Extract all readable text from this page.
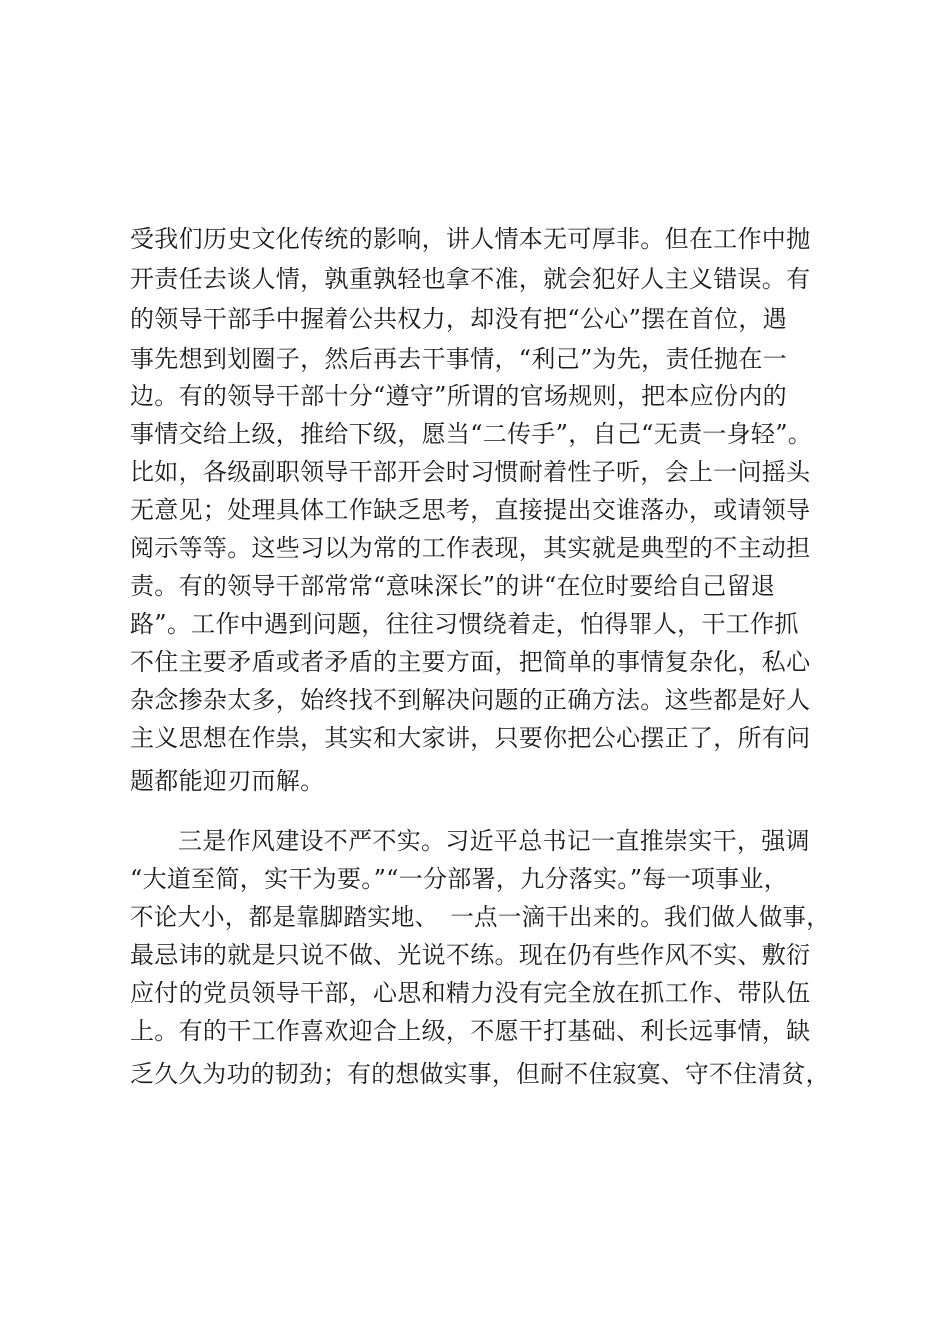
受我们历史文化传统的影响，讲人情本无可厚非。但在工作中抛
开责任去谈人情，孰重孰轻也拿不准，就会犯好人主义错误。有
的领导干部手中握着公共权力，却没有把“公心”摆在首位，遇
事先想到划圈子，然后再去干事情，“利己”为先，责任抛在一
边。有的领导干部十分“遵守”所谓的官场规则，把本应份内的
事情交给上级，推给下级，愿当“二传手”，自己“无责一身轻”。
比如，各级副职领导干部开会时习惯耐着性子听，会上一问摇头
无意见；处理具体工作缺乏思考，直接提出交谁落办，或请领导
阅示等等。这些习以为常的工作表现，其实就是典型的不主动担
责。有的领导干部常常“意味深长”的讲“在位时要给自己留退
路”。工作中遇到问题，往往习惯绕着走，怕得罪人，干工作抓
不住主要矛盾或者矛盾的主要方面，把简单的事情复杂化，私心
杂念掺杂太多，始终找不到解决问题的正确方法。这些都是好人
主义思想在作祟，其实和大家讲，只要你把公心摆正了，所有问
题都能迎刃而解。
三是作风建设不严不实。习近平总书记一直推崇实干，强调
“大道至简，实干为要。”“一分部署，九分落实。”每一项事业，
不论大小，都是靠脚踏实地、　一点一滴干出来的。我们做人做事，
最忌讳的就是只说不做、光说不练。现在仍有些作风不实、敷衍
应付的党员领导干部，心思和精力没有完全放在抓工作、带队伍
上。有的干工作喜欢迎合上级，不愿干打基础、利长远事情，缺
乏久久为功的韧劲；有的想做实事，但耐不住寂寞、守不住清贫，
